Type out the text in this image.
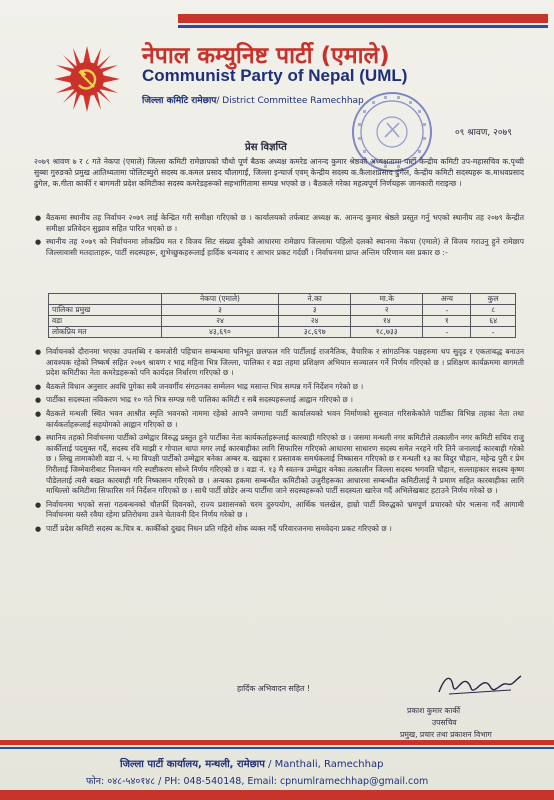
नेपाल कम्युनिष्ट पार्टी (एमाले)
Communist Party of Nepal (UML)
जिल्ला कमिटि रामेछाप/ District Committee Ramechhap
०९ श्रावण, २०७९
प्रेस विज्ञप्ति
२०७९ श्रावण ७ र ८ गते नेकपा (एमाले) जिल्ला कमिटी रामेछापको चौथो पूर्ण बैठक अध्यक्ष कमरेड आनन्द कुमार श्रेष्ठको अध्यक्षतामा पार्टी केन्द्रीय कमिटी उप-महासचिव क.पृथ्वी सुब्बा गुरुङको प्रमुख आतिथ्यतामा पोलिटब्युरो सदस्य क.कमल प्रसाद चौलागाईं, जिल्ला इन्चार्ज एवम् केन्द्रीय सदस्य क.कैलाशप्रसाद ढुंगेल, केन्द्रीय कमिटी सदस्यहरू क.माधवप्रसाद ढुंगेल, क.गीता कार्की र बागमती प्रदेश कमिटीका सदस्य कमरेडहरूको सहभागितामा सम्पन्न भएको छ । बैठकले गरेका महत्वपूर्ण निर्णयहरू जानकारी गराइन्छ ।
● बैठकमा स्थानीय तह निर्वाचन २०७९ लाई केन्द्रित गरी समीक्षा गरिएको छ । कार्यालयको तर्फबाट अध्यक्ष क. आनन्द कुमार श्रेष्ठले प्रस्तुत गर्नु भएको स्थानीय तह २०७९ केन्द्रीत समीक्षा प्रतिवेदन सुझाव सहित पारित भएको छ ।
● स्थानीय तह २०७९ को निर्वाचनमा लोकप्रिय मत र विजय सिट संख्या दुवैको आधारमा रामेछाप जिल्लामा पहिलो दलको स्थानमा नेकपा (एमाले) ले विजय गराउनु हुने रामेछाप जिल्लावासी मतदाताहरू, पार्टी सदस्यहरू, शुभेच्छुकहरूलाई हार्दिक धन्यवाद र आभार प्रकट गर्दछौं । निर्वाचनमा प्राप्त अन्तिम परिणाम यस प्रकार छ :-
	नेकपा (एमाले)	ने.का	मा.के	अन्य	कुल
पालिका प्रमुख	३	३	२	-	८
वडा	२४	२४	१४	१	६४
लोकप्रिय मत	४३,६९०	३८,६९७	१८,७३३	-	-
● निर्वाचनको दौरानमा भएका उपलब्धि र कमजोरी पहिचान सम्बन्धमा घनिभूत छलफल गरि पार्टीलाई राजनैतिक, वैचारिक र सांगठनिक पक्षहरुमा थप सुदृढ र एकताबद्ध बनाउन आवश्यक रहेको निष्कर्ष सहित २०७९ श्रावण र भाद्र महिना भित्र जिल्ला, पालिका र वडा तहमा प्रशिक्षण अभियान सञ्चालन गर्ने निर्णय गरिएको छ । प्रशिक्षण कार्यक्रममा बागमती प्रदेश कमिटीका नेता कमरेडहरूको पनि कार्यदल निर्धारण गरिएको छ ।
● बैठकले विधान अनुसार अवधि पुगेका सबै जनवर्गीय संगठनका सम्मेलन भाद्र मसान्त भित्र सम्पन्न गर्ने निर्देशन गरेको छ ।
● पार्टीका सदस्यता नविकरण भाद्र १० गते भित्र सम्पन्न गरी पालिका कमिटी र सबै सदस्यहरूलाई आह्वान गरिएको छ ।
● बैठकले मन्थली स्थित भवन आश्रीत स्मृति भवनको नाममा रहेको आफ्नै जग्गामा पार्टी कार्यालयको भवन निर्माणको सुरुवात गरिसकेकोले पार्टीका विभिन्न तहका नेता तथा कार्यकर्ताहरूलाई सहयोगको आह्वान गरिएको छ ।
● स्थानिय तहको निर्वाचनमा पार्टीको उम्मेद्वार विरुद्ध प्रस्तुत हुने पार्टीका नेता कार्यकर्ताहरूलाई कारबाही गरिएको छ । जसमा मन्थली नगर कमिटीले तत्कालीन नगर कमिटी सचिव राजु कार्कीलाई पदमुक्त गर्दै, सदस्य रवि माझी र गोपाल थापा मगर लाई कारबाहीका लागि सिफारिस गरिएको आधारमा साधारण सदस्य समेत नरहने गरि तिनै जनालाई कारबाही गरेको छ । लिखु तामाकोशी वडा नं. ५ मा विपक्षी पार्टीको उम्मेद्वार बनेका अम्बर ब. खड्का र प्रस्तावक समर्थकलाई निष्कासन गरिएको छ र मन्थली १३ का विदुर चौहान, महेन्द्र पुरी र प्रेम गिरीलाई जिम्मेवारीबाट निलम्बन गरि स्पष्टीकरण सोध्ने निर्णय गरिएको छ । वडा नं. १३ मै स्वतन्त्र उम्मेद्वार बनेका तत्कालीन जिल्ला सदस्य भगवति चौहान, सल्लाहकार सदस्य कृष्ण पौडेललाई त्यसै बखत कारबाही गरि निष्कासन गरिएको छ । अन्यका हकमा सम्बन्धीत कमिटीको उजुरीहरूका आधारमा सम्बन्धीत कमिटीलाई नै प्रमाण सहित कारबाहीका लागि माथिल्लो कमिटीमा सिफारिस गर्न निर्देशन गरिएको छ । साथै पार्टी छोडेर अन्य पार्टीमा जाने सदस्यहरूको पार्टी सदस्यता खारेज गर्दै अभिलेखबाट हटाउने निर्णय गरेको छ ।
● निर्वाचनमा भएको सत्ता गठबन्धनको चौतर्फी दिवनको, राज्य प्रशासनको चरम दुरुपयोग, आर्थिक चलखेल, हाम्रो पार्टी विरुद्धको भ्रमपूर्ण प्रचारको घोर भत्सना गर्दै आगामी निर्वाचनमा यस्तै रवैया रहेमा प्रतिरोधमा उत्रने चेतावनी दिन निर्णय गरेको छ ।
● पार्टी प्रदेश कमिटी सदस्य क.चित्र ब. कार्कीको दुखद निधन प्रति गहिरो शोक व्यक्त गर्दै परिवारजनमा समवेदना प्रकट गरिएको छ ।
हार्दिक अभिवादन सहित !
प्रकाश कुमार कार्की
उपसचिव
प्रमुख, प्रचार तथा प्रकाशन विभाग
जिल्ला पार्टी कार्यालय, मन्थली, रामेछाप / Manthali, Ramechhap
फोन: ०४८-५४०१४८ / PH: 048-540148, Email: cpnumlramechhap@gmail.com
